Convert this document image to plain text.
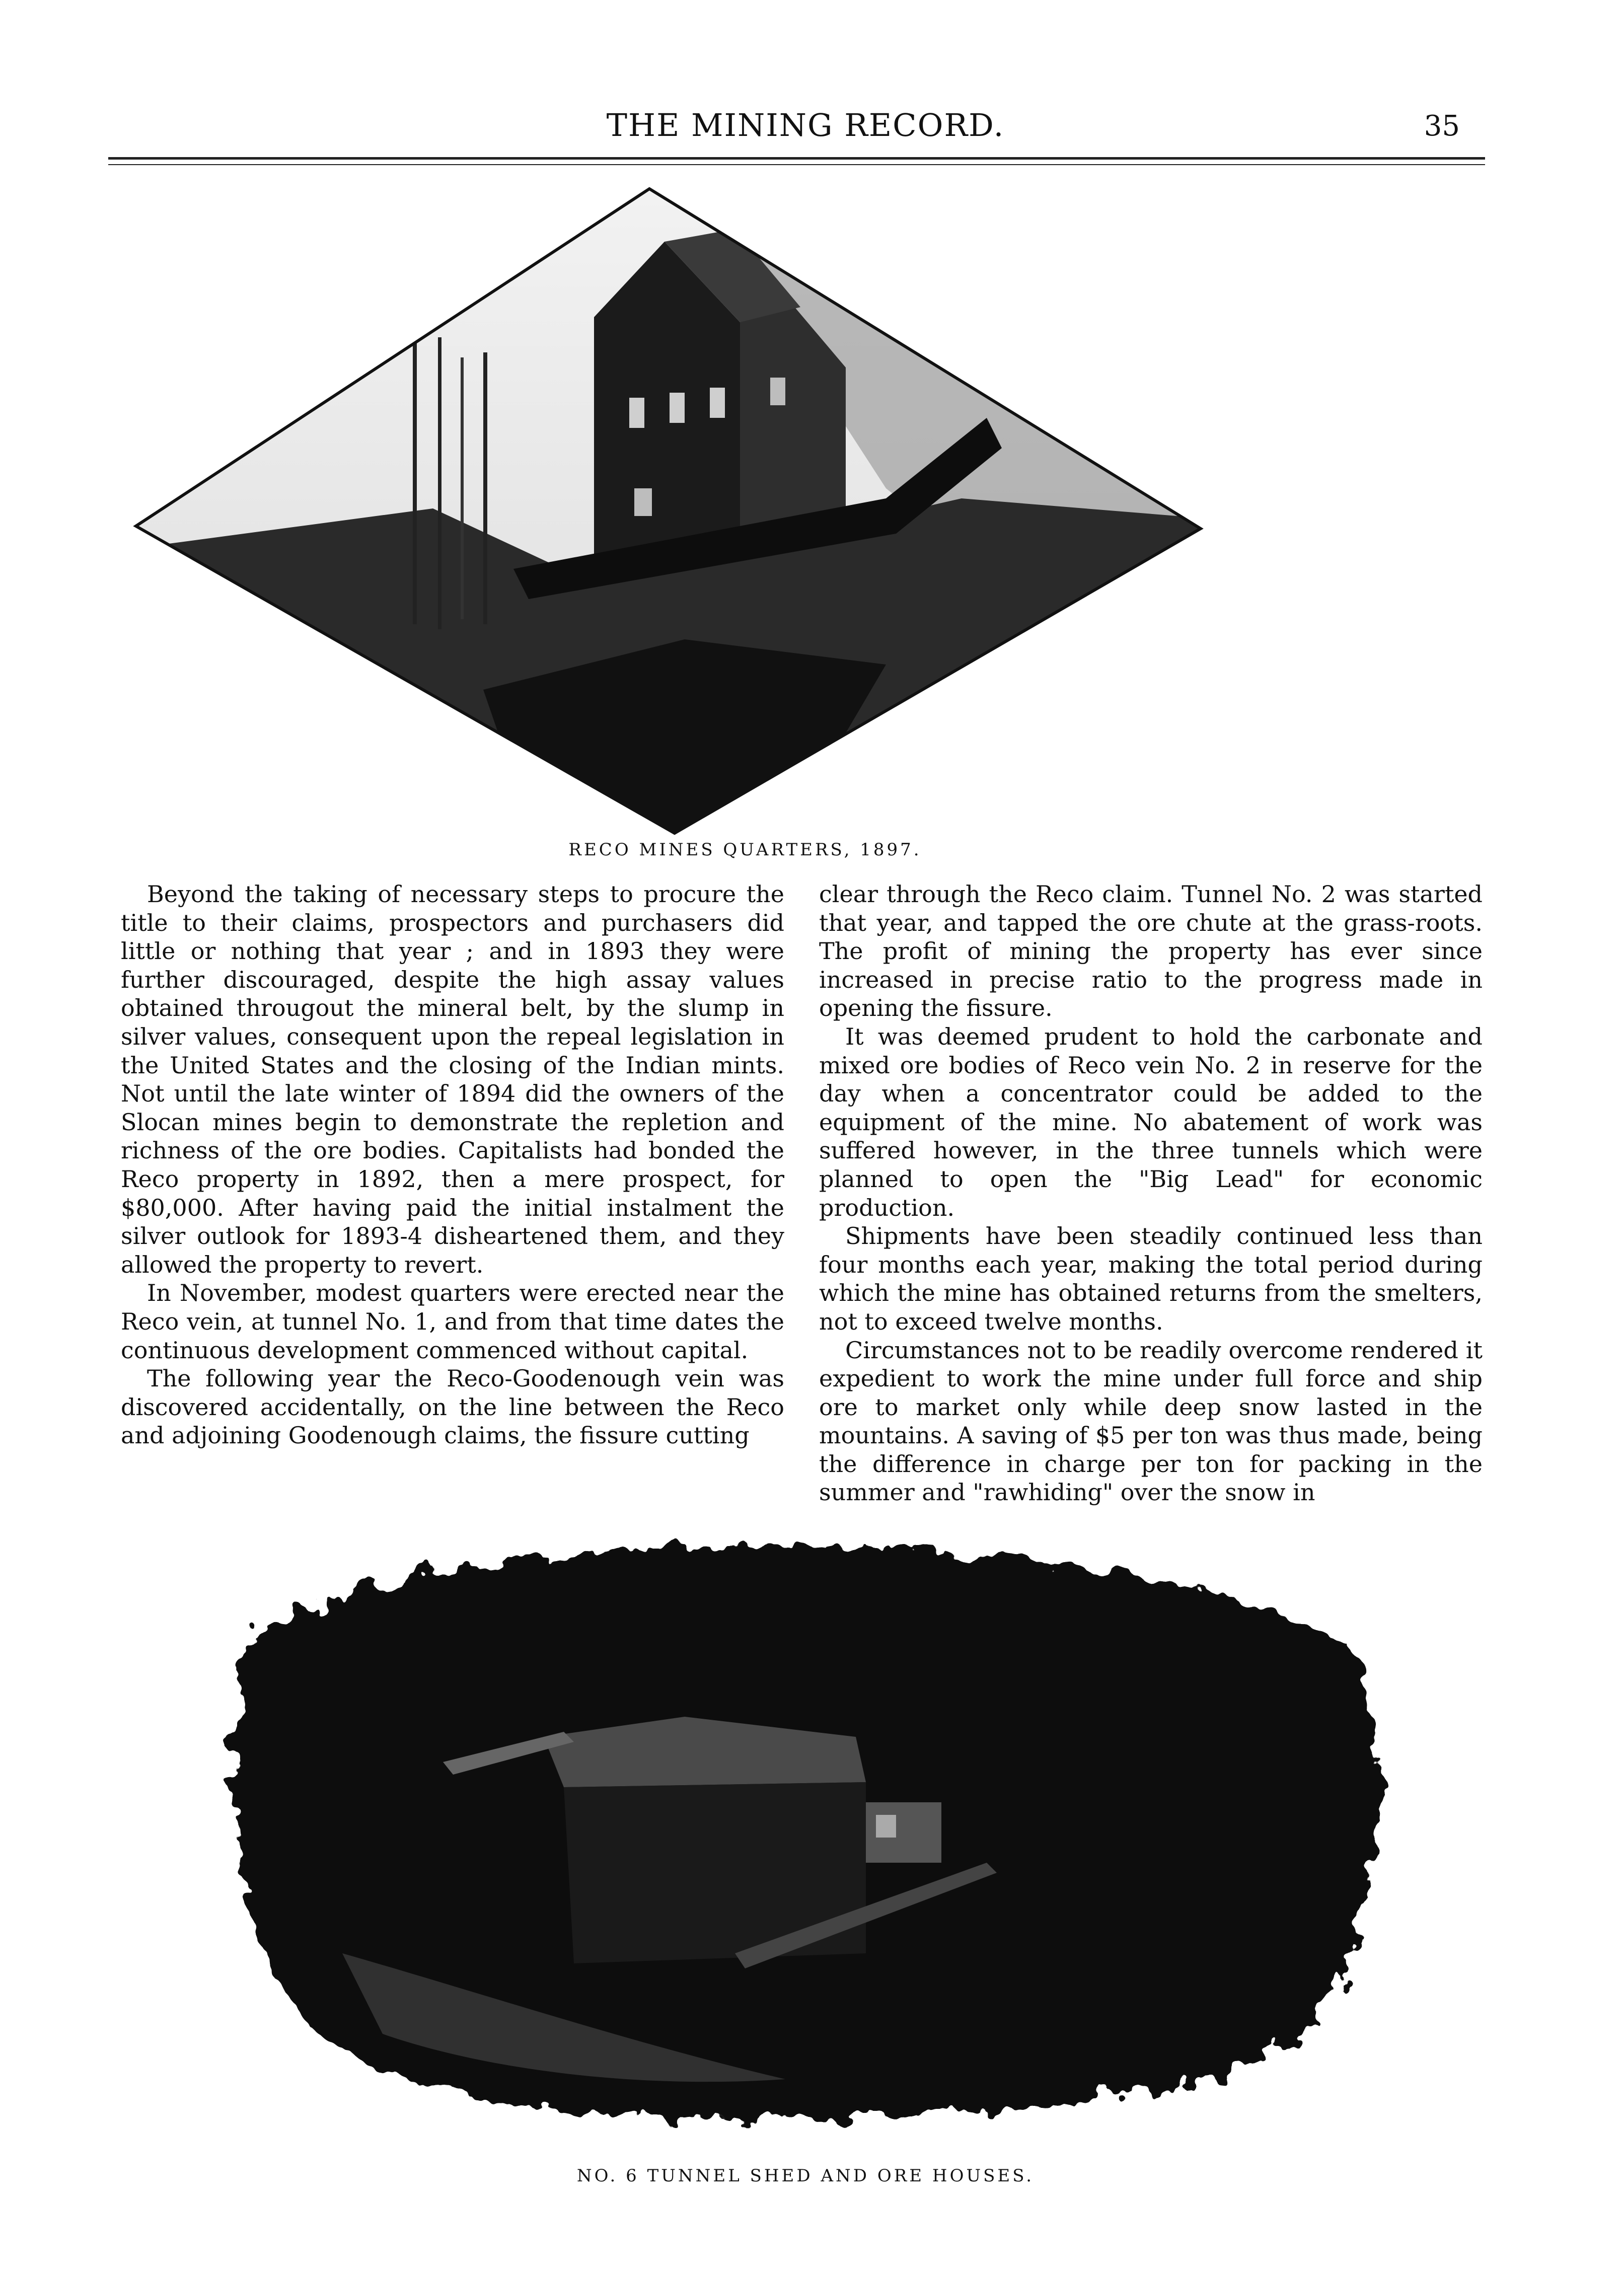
THE MINING RECORD.	35
RECO MINES QUARTERS, 1897.

Beyond the taking of necessary steps to procure the title to their claims, prospectors and purchasers did little or nothing that year ; and in 1893 they were further discouraged, despite the high assay values obtained througout the mineral belt, by the slump in silver values, consequent upon the repeal legislation in the United States and the closing of the Indian mints. Not until the late winter of 1894 did the owners of the Slocan mines begin to demonstrate the repletion and richness of the ore bodies. Capitalists had bonded the Reco property in 1892, then a mere prospect, for $80,000. After having paid the initial instalment the silver outlook for 1893-4 disheartened them, and they allowed the property to revert.

In November, modest quarters were erected near the Reco vein, at tunnel No. 1, and from that time dates the continuous development commenced without capital.

The following year the Reco-Goodenough vein was discovered accidentally, on the line between the Reco and adjoining Goodenough claims, the fissure cutting

clear through the Reco claim. Tunnel No. 2 was started that year, and tapped the ore chute at the grass-roots. The profit of mining the property has ever since increased in precise ratio to the progress made in opening the fissure.

It was deemed prudent to hold the carbonate and mixed ore bodies of Reco vein No. 2 in reserve for the day when a concentrator could be added to the equipment of the mine. No abatement of work was suffered however, in the three tunnels which were planned to open the "Big Lead" for economic production.

Shipments have been steadily continued less than four months each year, making the total period during which the mine has obtained returns from the smelters, not to exceed twelve months.

Circumstances not to be readily overcome rendered it expedient to work the mine under full force and ship ore to market only while deep snow lasted in the mountains. A saving of $5 per ton was thus made, being the difference in charge per ton for packing in the summer and "rawhiding" over the snow in

NO. 6 TUNNEL SHED AND ORE HOUSES.
